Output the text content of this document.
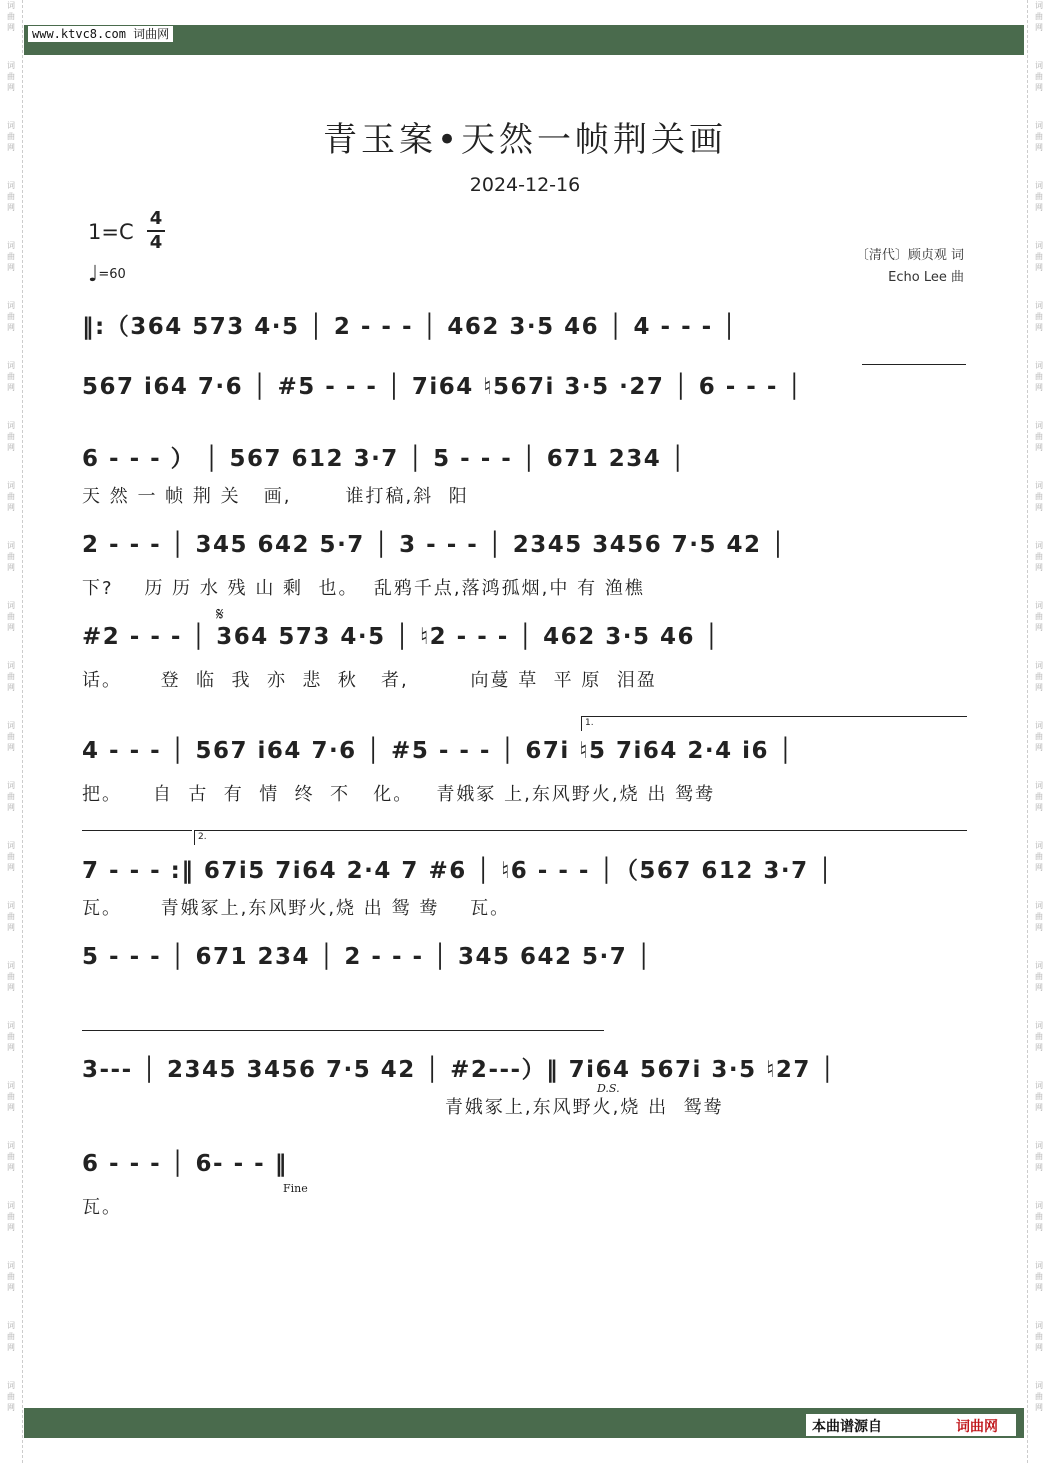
词
曲
网
词
曲
网
词
曲
网
词
曲
网
词
曲
网
词
曲
网
词
曲
网
词
曲
网
词
曲
网
词
曲
网
词
曲
网
词
曲
网
词
曲
网
词
曲
网
词
曲
网
词
曲
网
词
曲
网
词
曲
网
词
曲
网
词
曲
网
词
曲
网
词
曲
网
词
曲
网
词
曲
网
词
曲
网
词
曲
网
词
曲
网
词
曲
网
词
曲
网
词
曲
网
词
曲
网
词
曲
网
词
曲
网
词
曲
网
词
曲
网
词
曲
网
词
曲
网
词
曲
网
词
曲
网
词
曲
网
词
曲
网
词
曲
网
词
曲
网
词
曲
网
词
曲
网
词
曲
网
词
曲
网
词
曲
网
www.ktvc8.com 词曲网
青玉案•天然一帧荆关画
2024-12-16
1=C
4
4
♩=60
〔清代〕顾贞观 词
Echo Lee 曲
‖:（364 573 4·5 │ 2 - - - │ 462 3·5 46 │ 4 - - - │
567 i64 7·6 │ #5 - - - │ 7i64 ♮567i 3·5 ·27 │ 6 - - - │
6 - - - ） │ 567 612 3·7 │ 5 - - - │ 671 234 │
天 然 一 帧 荆 关   画,       谁打稿,斜  阳
2 - - - │ 345 642 5·7 │ 3 - - - │ 2345 3456 7·5 42 │
下?    历 历 水 残 山 剩  也。  乱鸦千点,落鸿孤烟,中 有 渔樵
𝄋
#2 - - - │ 364 573 4·5 │ ♮2 - - - │ 462 3·5 46 │
话。     登  临  我  亦  悲  秋   者,        向蔓 草  平 原  泪盈
1.
4 - - - │ 567 i64 7·6 │ #5 - - - │ 67i ♮5 7i64 2·4 i6 │
把。    自  古  有  情  终  不   化。   青娥冢 上,东风野火,烧 出 鸳鸯
2.
7 - - - :‖ 67i5 7i64 2·4 7 #6 │ ♮6 - - - │（567 612 3·7 │
瓦。     青娥冢上,东风野火,烧 出 鸳 鸯    瓦。
5 - - - │ 671 234 │ 2 - - - │ 345 642 5·7 │
3--- │ 2345 3456 7·5 42 │ #2---）‖ 7i64 567i 3·5 ♮27 │
D.S.
青娥冢上,东风野火,烧 出  鸳鸯
6 - - - │ 6- - - ‖
Fine
瓦。
本曲谱源自	词曲网
